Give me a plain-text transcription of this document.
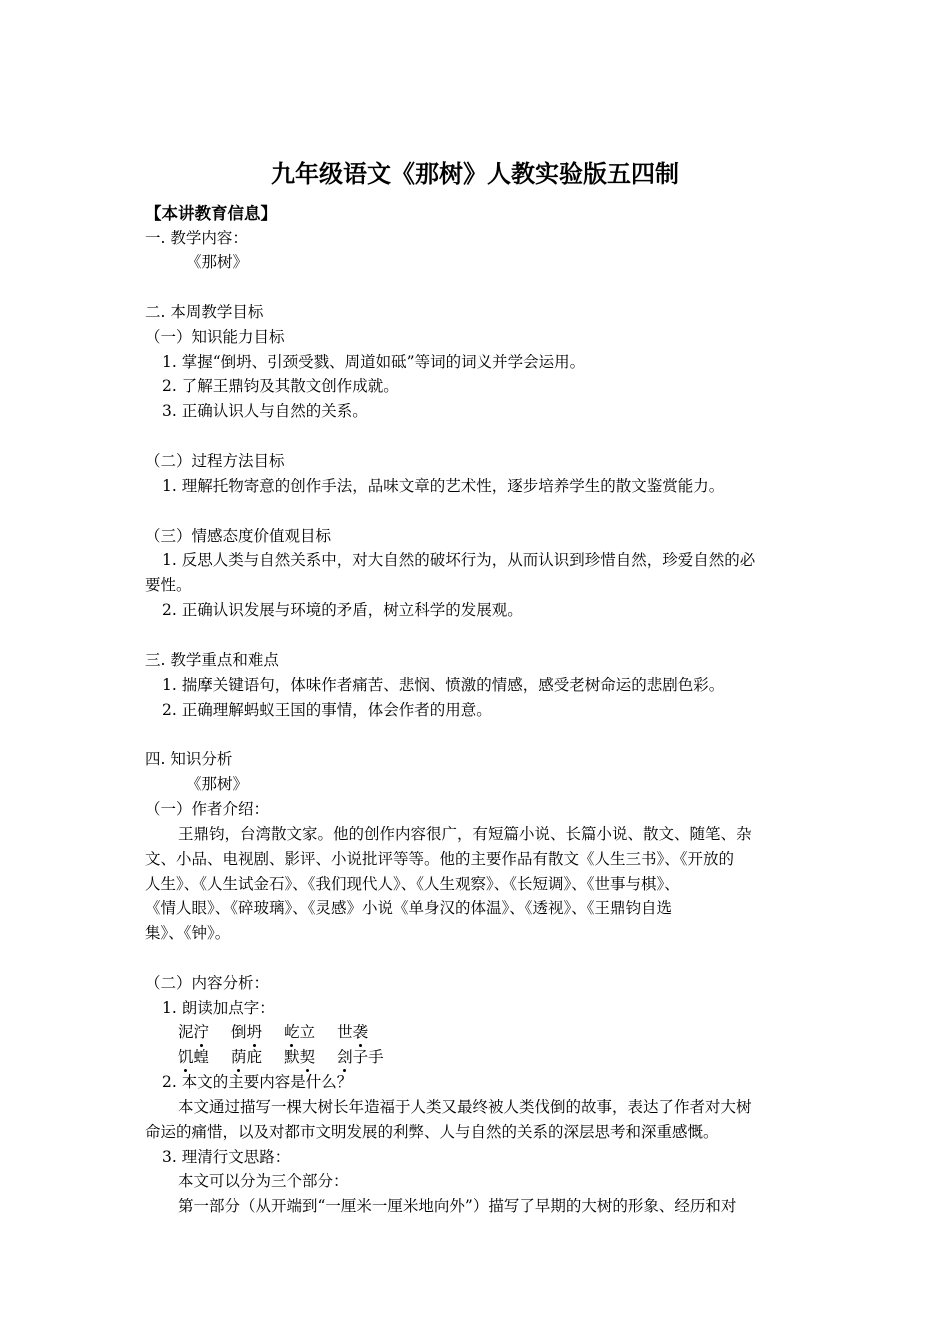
九年级语文《那树》人教实验版五四制
【本讲教育信息】
一. 教学内容：
《那树》
二. 本周教学目标
（一）知识能力目标
1. 掌握“倒坍、引颈受戮、周道如砥”等词的词义并学会运用。
2. 了解王鼎钧及其散文创作成就。
3. 正确认识人与自然的关系。
（二）过程方法目标
1. 理解托物寄意的创作手法，品味文章的艺术性，逐步培养学生的散文鉴赏能力。
（三）情感态度价值观目标
1. 反思人类与自然关系中，对大自然的破坏行为，从而认识到珍惜自然，珍爱自然的必
要性。
2. 正确认识发展与环境的矛盾，树立科学的发展观。
三. 教学重点和难点
1. 揣摩关键语句，体味作者痛苦、悲悯、愤激的情感，感受老树命运的悲剧色彩。
2. 正确理解蚂蚁王国的事情，体会作者的用意。
四. 知识分析
《那树》
（一）作者介绍：
王鼎钧，台湾散文家。他的创作内容很广，有短篇小说、长篇小说、散文、随笔、杂
文、小品、电视剧、影评、小说批评等等。他的主要作品有散文《人生三书》、《开放的
人生》、《人生试金石》、《我们现代人》、《人生观察》、《长短调》、《世事与棋》、
《情人眼》、《碎玻璃》、《灵感》小说《单身汉的体温》、《透视》、《王鼎钧自选
集》、《钟》。
（二）内容分析：
1. 朗读加点字：
泥泞 倒坍 屹立 世袭
饥蝗 荫庇 默契 刽子手
2. 本文的主要内容是什么？
本文通过描写一棵大树长年造福于人类又最终被人类伐倒的故事，表达了作者对大树
命运的痛惜，以及对都市文明发展的利弊、人与自然的关系的深层思考和深重感慨。
3. 理清行文思路：
本文可以分为三个部分：
第一部分（从开端到“一厘米一厘米地向外”）描写了早期的大树的形象、经历和对
